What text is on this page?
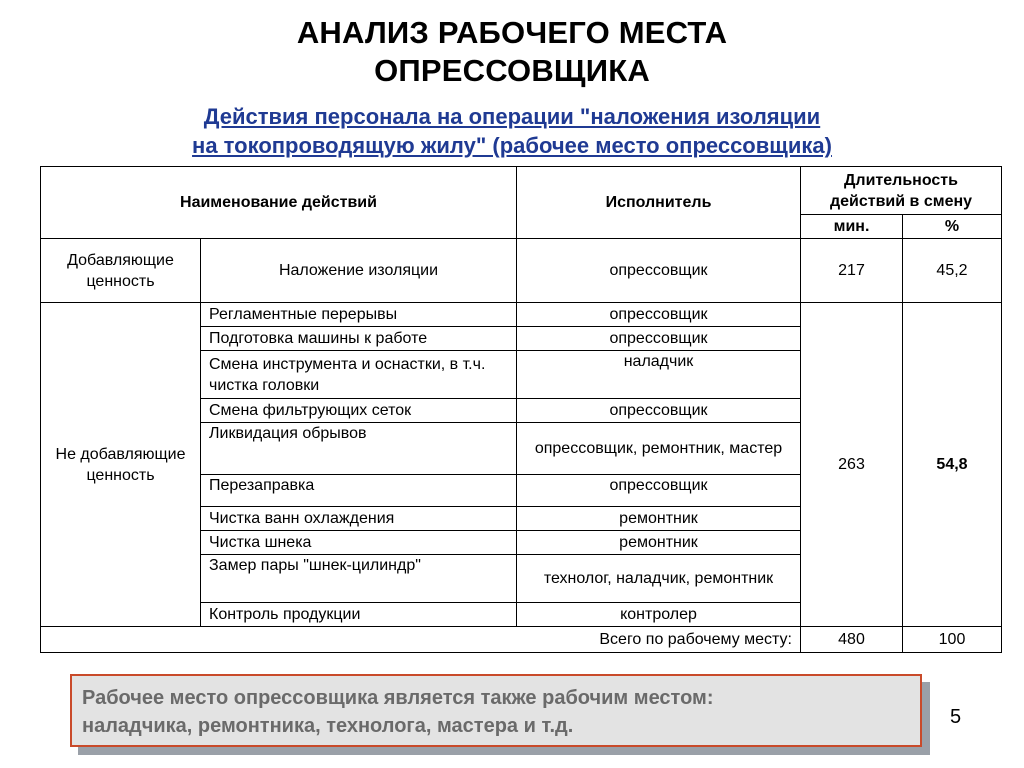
АНАЛИЗ РАБОЧЕГО МЕСТА
ОПРЕССОВЩИКА
Действия персонала на операции "наложения изоляции
на токопроводящую жилу" (рабочее место опрессовщика)
Наименование действий		Исполнитель	Длительность
действий в смену	

			мин.	%
Добавляющие ценность	Наложение изоляции	опрессовщик	217	45,2
Не добавляющие ценность	Регламентные перерывы	опрессовщик	263	54,8
	Подготовка машины к работе	опрессовщик		
	Смена инструмента и оснастки, в т.ч. чистка головки	наладчик		
	Смена фильтрующих сеток	опрессовщик		
	Ликвидация обрывов	опрессовщик, ремонтник, мастер		
	Перезаправка	опрессовщик		
	Чистка ванн охлаждения	ремонтник		
	Чистка шнека	ремонтник		
	Замер пары "шнек-цилиндр"	технолог, наладчик, ремонтник		
	Контроль продукции	контролер		
Всего по рабочему месту:			480	100
Рабочее место опрессовщика является также рабочим местом:
наладчика, ремонтника, технолога, мастера и т.д.	5
